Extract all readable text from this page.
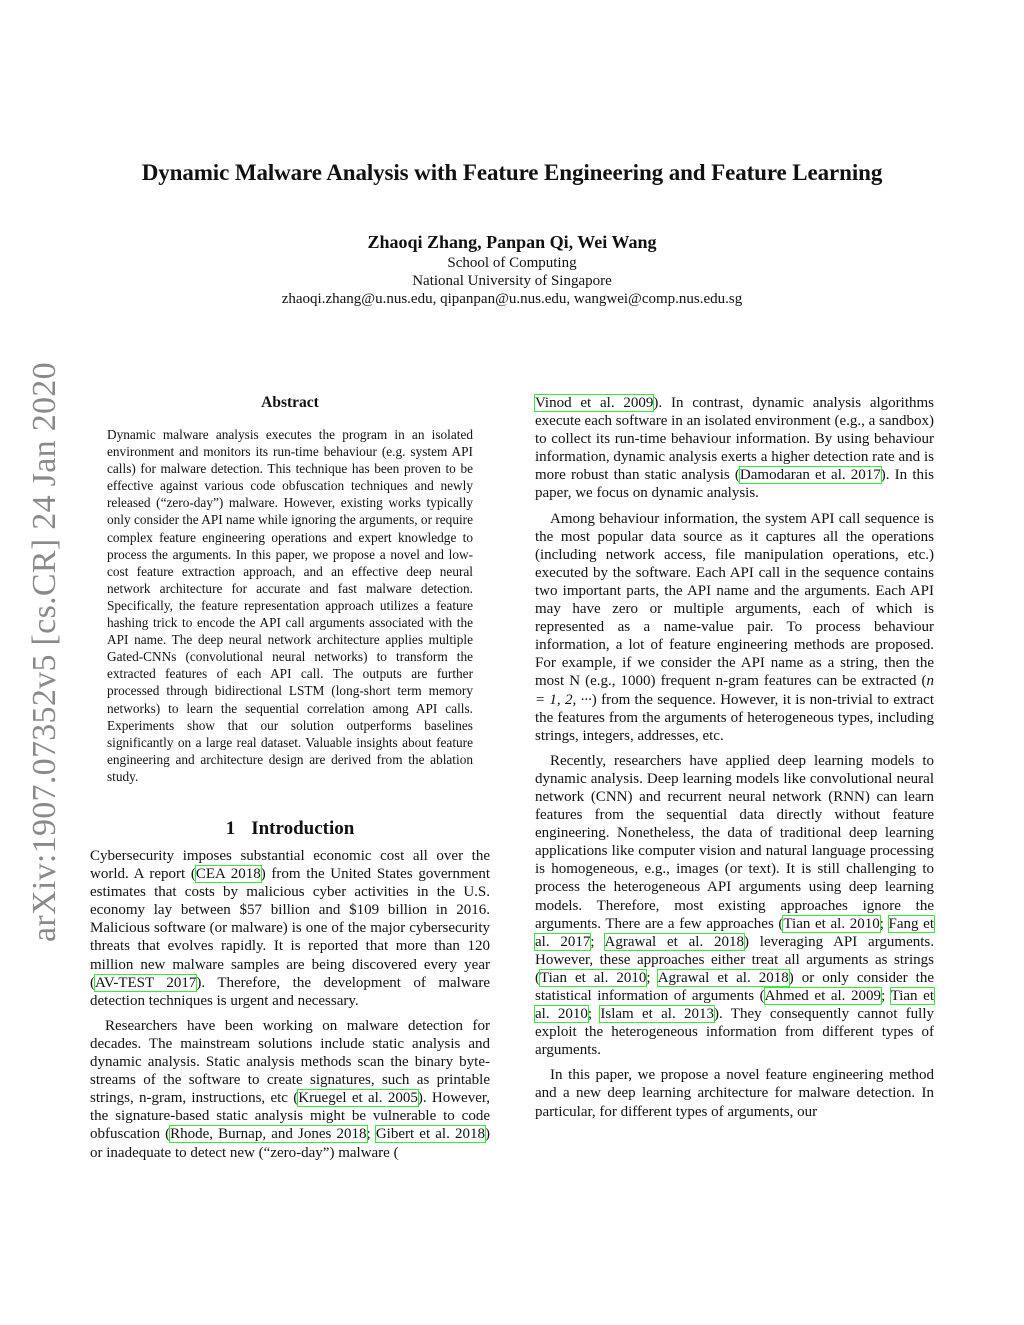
Dynamic Malware Analysis with Feature Engineering and Feature Learning
Zhaoqi Zhang, Panpan Qi, Wei Wang
School of Computing
National University of Singapore
zhaoqi.zhang@u.nus.edu, qipanpan@u.nus.edu, wangwei@comp.nus.edu.sg
arXiv:1907.07352v5 [cs.CR] 24 Jan 2020	Abstract
Dynamic malware analysis executes the program in an isolated environment and monitors its run-time behaviour (e.g. system API calls) for malware detection. This technique has been proven to be effective against various code obfuscation techniques and newly released (“zero-day”) malware. However, existing works typically only consider the API name while ignoring the arguments, or require complex feature engineering operations and expert knowledge to process the arguments. In this paper, we propose a novel and low-cost feature extraction approach, and an effective deep neural network architecture for accurate and fast malware detection. Specifically, the feature representation approach utilizes a feature hashing trick to encode the API call arguments associated with the API name. The deep neural network architecture applies multiple Gated-CNNs (convolutional neural networks) to transform the extracted features of each API call. The outputs are further processed through bidirectional LSTM (long-short term memory networks) to learn the sequential correlation among API calls. Experiments show that our solution outperforms baselines significantly on a large real dataset. Valuable insights about feature engineering and architecture design are derived from the ablation study.
1 Introduction

Cybersecurity imposes substantial economic cost all over the world. A report (CEA 2018) from the United States government estimates that costs by malicious cyber activities in the U.S. economy lay between $57 billion and $109 billion in 2016. Malicious software (or malware) is one of the major cybersecurity threats that evolves rapidly. It is reported that more than 120 million new malware samples are being discovered every year (AV-TEST 2017). Therefore, the development of malware detection techniques is urgent and necessary.

Researchers have been working on malware detection for decades. The mainstream solutions include static analysis and dynamic analysis. Static analysis methods scan the binary byte-streams of the software to create signatures, such as printable strings, n-gram, instructions, etc (Kruegel et al. 2005). However, the signature-based static analysis might be vulnerable to code obfuscation (Rhode, Burnap, and Jones 2018; Gibert et al. 2018) or inadequate to detect new (“zero-day”) malware (

Vinod et al. 2009). In contrast, dynamic analysis algorithms execute each software in an isolated environment (e.g., a sandbox) to collect its run-time behaviour information. By using behaviour information, dynamic analysis exerts a higher detection rate and is more robust than static analysis (Damodaran et al. 2017). In this paper, we focus on dynamic analysis.

Among behaviour information, the system API call sequence is the most popular data source as it captures all the operations (including network access, file manipulation operations, etc.) executed by the software. Each API call in the sequence contains two important parts, the API name and the arguments. Each API may have zero or multiple arguments, each of which is represented as a name-value pair. To process behaviour information, a lot of feature engineering methods are proposed. For example, if we consider the API name as a string, then the most N (e.g., 1000) frequent n-gram features can be extracted (n = 1, 2, ···) from the sequence. However, it is non-trivial to extract the features from the arguments of heterogeneous types, including strings, integers, addresses, etc.

Recently, researchers have applied deep learning models to dynamic analysis. Deep learning models like convolutional neural network (CNN) and recurrent neural network (RNN) can learn features from the sequential data directly without feature engineering. Nonetheless, the data of traditional deep learning applications like computer vision and natural language processing is homogeneous, e.g., images (or text). It is still challenging to process the heterogeneous API arguments using deep learning models. Therefore, most existing approaches ignore the arguments. There are a few approaches (Tian et al. 2010; Fang et al. 2017; Agrawal et al. 2018) leveraging API arguments. However, these approaches either treat all arguments as strings (Tian et al. 2010; Agrawal et al. 2018) or only consider the statistical information of arguments (Ahmed et al. 2009; Tian et al. 2010; Islam et al. 2013). They consequently cannot fully exploit the heterogeneous information from different types of arguments.

In this paper, we propose a novel feature engineering method and a new deep learning architecture for malware detection. In particular, for different types of arguments, our
